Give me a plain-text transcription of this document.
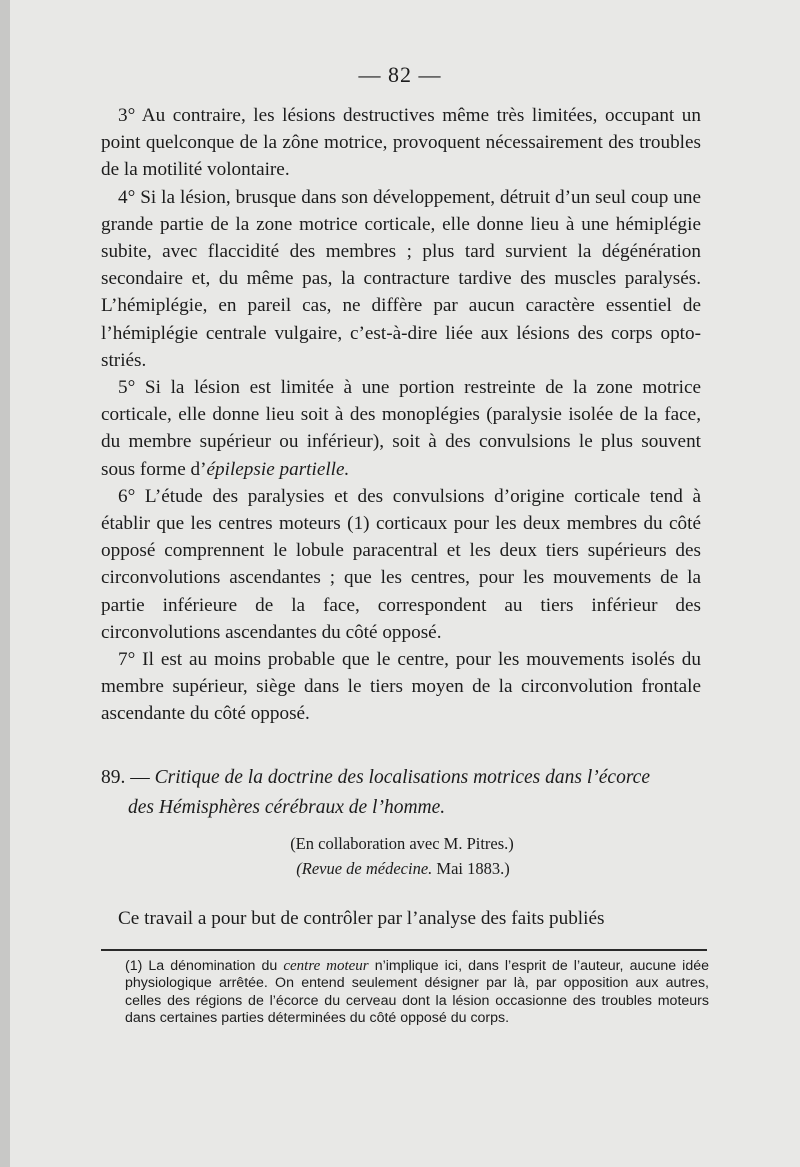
— 82 —

3° Au contraire, les lésions destructives même très limitées, occupant un point quelconque de la zône motrice, provoquent nécessairement des troubles de la motilité volontaire.

4° Si la lésion, brusque dans son développement, détruit d’un seul coup une grande partie de la zone motrice corticale, elle donne lieu à une hémiplégie subite, avec flaccidité des membres ; plus tard survient la dégénération secondaire et, du même pas, la contracture tardive des muscles paralysés. L’hémiplégie, en pareil cas, ne diffère par aucun caractère essentiel de l’hémiplégie centrale vulgaire, c’est-à-dire liée aux lésions des corps opto-striés.

5° Si la lésion est limitée à une portion restreinte de la zone motrice corticale, elle donne lieu soit à des monoplégies (paralysie isolée de la face, du membre supérieur ou inférieur), soit à des convulsions le plus souvent sous forme d’épilepsie partielle.

6° L’étude des paralysies et des convulsions d’origine corticale tend à établir que les centres moteurs (1) corticaux pour les deux membres du côté opposé comprennent le lobule paracentral et les deux tiers supérieurs des circonvolutions ascendantes ; que les centres, pour les mouvements de la partie inférieure de la face, correspondent au tiers inférieur des circonvolutions ascendantes du côté opposé.

7° Il est au moins probable que le centre, pour les mouvements isolés du membre supérieur, siège dans le tiers moyen de la circonvolution frontale ascendante du côté opposé.

89. — Critique de la doctrine des localisations motrices dans l’écorce
des Hémisphères cérébraux de l’homme.
(En collaboration avec M. Pitres.)
(Revue de médecine. Mai 1883.)

Ce travail a pour but de contrôler par l’analyse des faits publiés

(1) La dénomination du centre moteur n’implique ici, dans l’esprit de l’auteur, aucune idée physiologique arrêtée. On entend seulement désigner par là, par opposition aux autres, celles des régions de l’écorce du cerveau dont la lésion occasionne des troubles moteurs dans certaines parties déterminées du côté opposé du corps.
